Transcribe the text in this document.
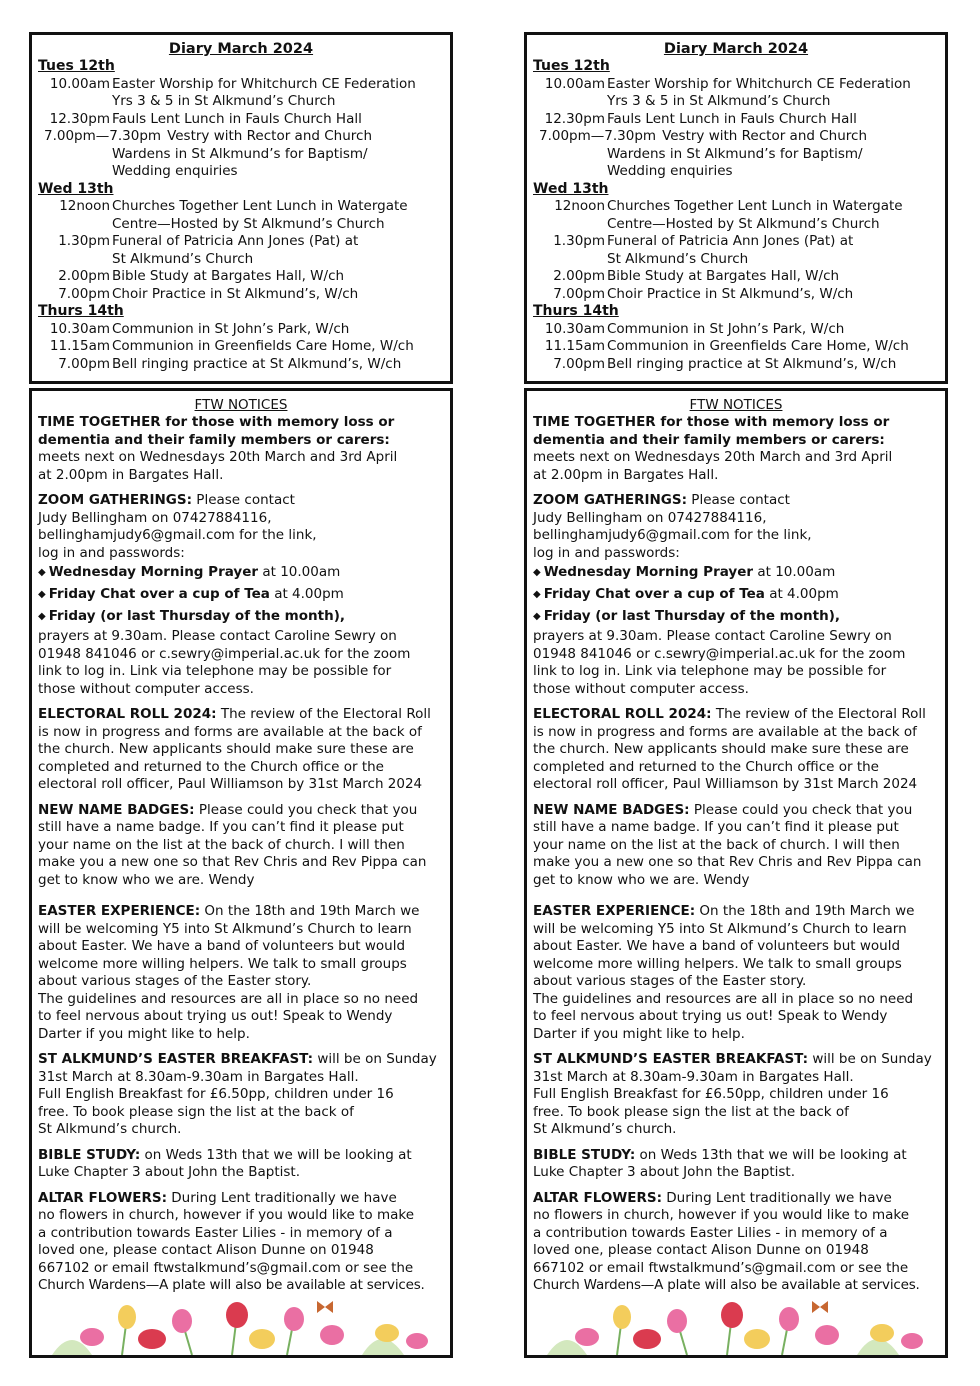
Diary March 2024
Tues 12th
10.00am Easter Worship for Whitchurch CE Federation
Yrs 3 & 5 in St Alkmund’s Church
12.30pm Fauls Lent Lunch in Fauls Church Hall
7.00pm—7.30pm Vestry with Rector and Church
Wardens in St Alkmund’s for Baptism/
Wedding enquiries
Wed 13th
12noon Churches Together Lent Lunch in Watergate
Centre—Hosted by St Alkmund’s Church
1.30pm Funeral of Patricia Ann Jones (Pat) at
St Alkmund’s Church
2.00pm Bible Study at Bargates Hall, W/ch
7.00pm Choir Practice in St Alkmund’s, W/ch
Thurs 14th
10.30am Communion in St John’s Park, W/ch
11.15am Communion in Greenfields Care Home, W/ch
7.00pm Bell ringing practice at St Alkmund’s, W/ch
FTW NOTICES
TIME TOGETHER for those with memory loss or
dementia and their family members or carers:
meets next on Wednesdays 20th March and 3rd April
at 2.00pm in Bargates Hall.
ZOOM GATHERINGS: Please contact
Judy Bellingham on 07427884116,
bellinghamjudy6@gmail.com for the link,
log in and passwords:
◆ Wednesday Morning Prayer at 10.00am
◆ Friday Chat over a cup of Tea at 4.00pm
◆ Friday (or last Thursday of the month),
prayers at 9.30am. Please contact Caroline Sewry on
01948 841046 or c.sewry@imperial.ac.uk for the zoom
link to log in. Link via telephone may be possible for
those without computer access.
ELECTORAL ROLL 2024: The review of the Electoral Roll
is now in progress and forms are available at the back of
the church. New applicants should make sure these are
completed and returned to the Church office or the
electoral roll officer, Paul Williamson by 31st March 2024
NEW NAME BADGES: Please could you check that you
still have a name badge. If you can’t find it please put
your name on the list at the back of church. I will then
make you a new one so that Rev Chris and Rev Pippa can
get to know who we are. Wendy
EASTER EXPERIENCE: On the 18th and 19th March we
will be welcoming Y5 into St Alkmund’s Church to learn
about Easter. We have a band of volunteers but would
welcome more willing helpers. We talk to small groups
about various stages of the Easter story.
The guidelines and resources are all in place so no need
to feel nervous about trying us out! Speak to Wendy
Darter if you might like to help.
ST ALKMUND’S EASTER BREAKFAST: will be on Sunday
31st March at 8.30am-9.30am in Bargates Hall.
Full English Breakfast for £6.50pp, children under 16
free. To book please sign the list at the back of
St Alkmund’s church.
BIBLE STUDY: on Weds 13th that we will be looking at
Luke Chapter 3 about John the Baptist.
ALTAR FLOWERS: During Lent traditionally we have
no flowers in church, however if you would like to make
a contribution towards Easter Lilies - in memory of a
loved one, please contact Alison Dunne on 01948
667102 or email ftwstalkmund’s@gmail.com or see the
Church Wardens—A plate will also be available at services.
Diary March 2024
Tues 12th
10.00am Easter Worship for Whitchurch CE Federation
Yrs 3 & 5 in St Alkmund’s Church
12.30pm Fauls Lent Lunch in Fauls Church Hall
7.00pm—7.30pm Vestry with Rector and Church
Wardens in St Alkmund’s for Baptism/
Wedding enquiries
Wed 13th
12noon Churches Together Lent Lunch in Watergate
Centre—Hosted by St Alkmund’s Church
1.30pm Funeral of Patricia Ann Jones (Pat) at
St Alkmund’s Church
2.00pm Bible Study at Bargates Hall, W/ch
7.00pm Choir Practice in St Alkmund’s, W/ch
Thurs 14th
10.30am Communion in St John’s Park, W/ch
11.15am Communion in Greenfields Care Home, W/ch
7.00pm Bell ringing practice at St Alkmund’s, W/ch
FTW NOTICES
TIME TOGETHER for those with memory loss or
dementia and their family members or carers:
meets next on Wednesdays 20th March and 3rd April
at 2.00pm in Bargates Hall.
ZOOM GATHERINGS: Please contact
Judy Bellingham on 07427884116,
bellinghamjudy6@gmail.com for the link,
log in and passwords:
◆ Wednesday Morning Prayer at 10.00am
◆ Friday Chat over a cup of Tea at 4.00pm
◆ Friday (or last Thursday of the month),
prayers at 9.30am. Please contact Caroline Sewry on
01948 841046 or c.sewry@imperial.ac.uk for the zoom
link to log in. Link via telephone may be possible for
those without computer access.
ELECTORAL ROLL 2024: The review of the Electoral Roll
is now in progress and forms are available at the back of
the church. New applicants should make sure these are
completed and returned to the Church office or the
electoral roll officer, Paul Williamson by 31st March 2024
NEW NAME BADGES: Please could you check that you
still have a name badge. If you can’t find it please put
your name on the list at the back of church. I will then
make you a new one so that Rev Chris and Rev Pippa can
get to know who we are. Wendy
EASTER EXPERIENCE: On the 18th and 19th March we
will be welcoming Y5 into St Alkmund’s Church to learn
about Easter. We have a band of volunteers but would
welcome more willing helpers. We talk to small groups
about various stages of the Easter story.
The guidelines and resources are all in place so no need
to feel nervous about trying us out! Speak to Wendy
Darter if you might like to help.
ST ALKMUND’S EASTER BREAKFAST: will be on Sunday
31st March at 8.30am-9.30am in Bargates Hall.
Full English Breakfast for £6.50pp, children under 16
free. To book please sign the list at the back of
St Alkmund’s church.
BIBLE STUDY: on Weds 13th that we will be looking at
Luke Chapter 3 about John the Baptist.
ALTAR FLOWERS: During Lent traditionally we have
no flowers in church, however if you would like to make
a contribution towards Easter Lilies - in memory of a
loved one, please contact Alison Dunne on 01948
667102 or email ftwstalkmund’s@gmail.com or see the
Church Wardens—A plate will also be available at services.
